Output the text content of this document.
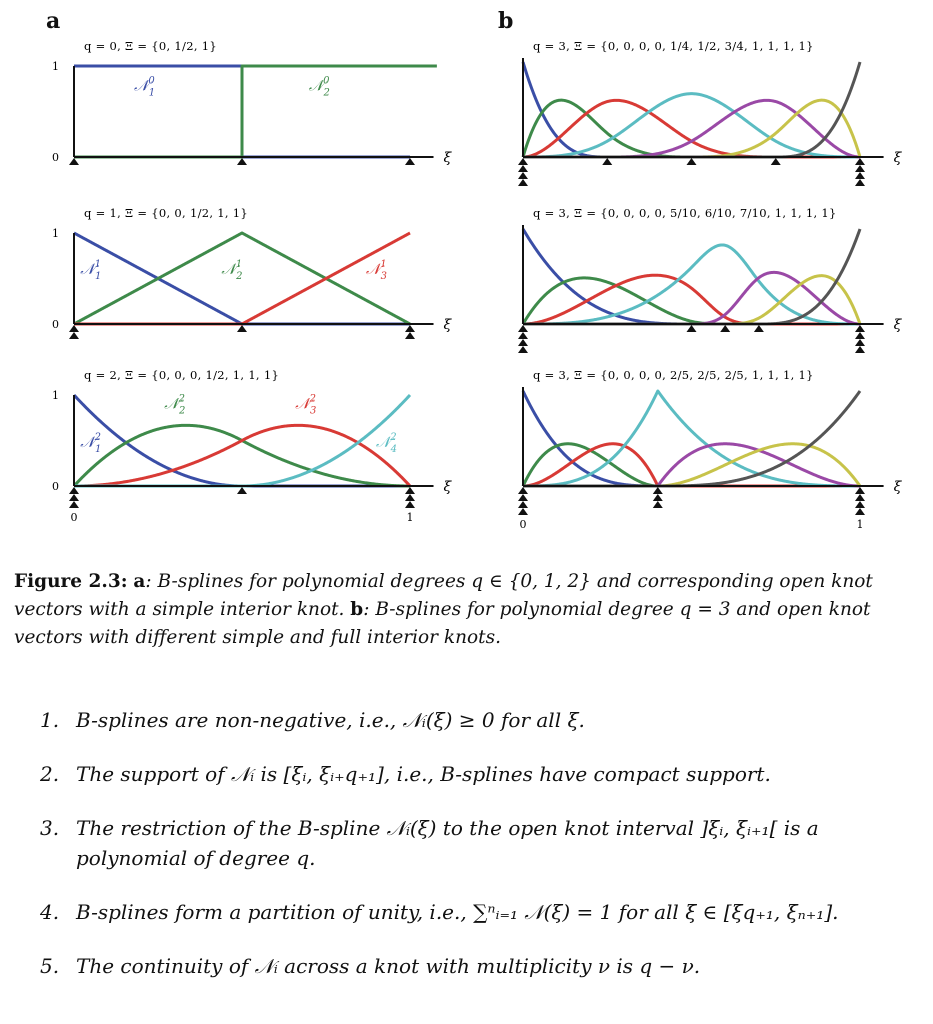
a	b
q = 0, Ξ = {0, 1/2, 1}
0
1
ξ
𝒩$^0$ 1	𝒩$^0$ 2
q = 1, Ξ = {0, 0, 1/2, 1, 1}
0
1
ξ
𝒩$^1$ 1	𝒩$^1$ 2	𝒩$^1$ 3
q = 2, Ξ = {0, 0, 0, 1/2, 1, 1, 1}
0
1
ξ
0	1
𝒩$^2$ 1
𝒩$^2$ 2	𝒩$^2$ 3
𝒩$^2$ 4
q = 3, Ξ = {0, 0, 0, 0, 1/4, 1/2, 3/4, 1, 1, 1, 1}
ξ
q = 3, Ξ = {0, 0, 0, 0, 5/10, 6/10, 7/10, 1, 1, 1, 1}
ξ
q = 3, Ξ = {0, 0, 0, 0, 2/5, 2/5, 2/5, 1, 1, 1, 1}
ξ
0	1
Figure 2.3: a: B-splines for polynomial degrees q ∈ {0, 1, 2} and corresponding open knot vectors with a simple interior knot. b: B-splines for polynomial degree q = 3 and open knot vectors with different simple and full interior knots.
1. B-splines are non-negative, i.e., 𝒩ᵢ(ξ) ≥ 0 for all ξ.
2. The support of 𝒩ᵢ is [ξᵢ, ξᵢ₊q₊₁], i.e., B-splines have compact support.
3. The restriction of the B-spline 𝒩ᵢ(ξ) to the open knot interval ]ξᵢ, ξᵢ₊₁[ is a polynomial of degree q.
4. B-splines form a partition of unity, i.e., ∑ⁿᵢ₌₁ 𝒩(ξ) = 1 for all ξ ∈ [ξq₊₁, ξₙ₊₁].
5. The continuity of 𝒩ᵢ across a knot with multiplicity ν is q − ν.
